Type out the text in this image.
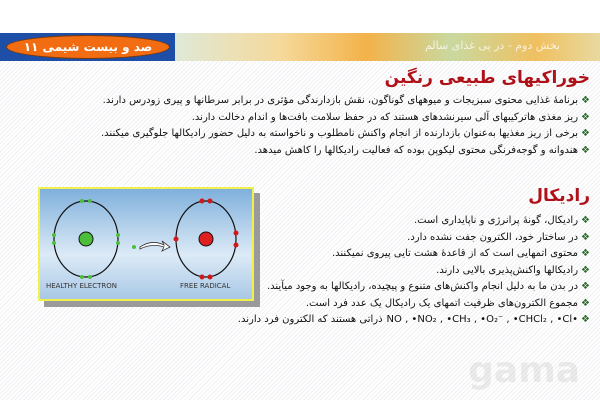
صد و بیست شیمی ۱۱	بخش دوم - در پی غذای سالم
خوراکیهای طبیعی رنگین
❖برنامهٔ غذایی محتوی سبزیجات و میوههای گوناگون، نقش بازدارندگی مؤثری در برابر سرطانها و پیری زودرس دارند.
❖ریز مغذی هاترکیبهای آلی سیرنشدهای هستند که در حفظ سلامت بافت‌ها و اندام دخالت دارند.
❖برخی از ریز مغذیها به‌عنوان بازدارنده از انجام واکنش نامطلوب و ناخواسته به دلیل حضور رادیکالها جلوگیری میکنند.
❖هندوانه و گوجه‌فرنگی محتوی لیکوپن بوده که فعالیت رادیکالها را کاهش میدهد.
HEALTHY ELECTRON	FREE RADICAL
رادیکال
❖رادیکال، گونهٔ پرانرژی و ناپایداری است.
❖در ساختار خود، الکترون جفت نشده دارد.
❖محتوی اتمهایی است که از قاعدهٔ هشت تایی پیروی نمیکنند.
❖رادیکالها واکنش‌پذیری بالایی دارند.
❖در بدن ما به دلیل انجام واکنش‌های متنوع و پیچیده، رادیکالها به وجود میآیند.
❖مجموع الکترون‌های ظرفیت اتمهای یک رادیکال یک عدد فرد است.
❖NO , •NO₂ , •CH₃ , •O₂⁻ , •CHCl₂ , •Cl•ذراتی هستند که الکترون فرد دارند.
gama
